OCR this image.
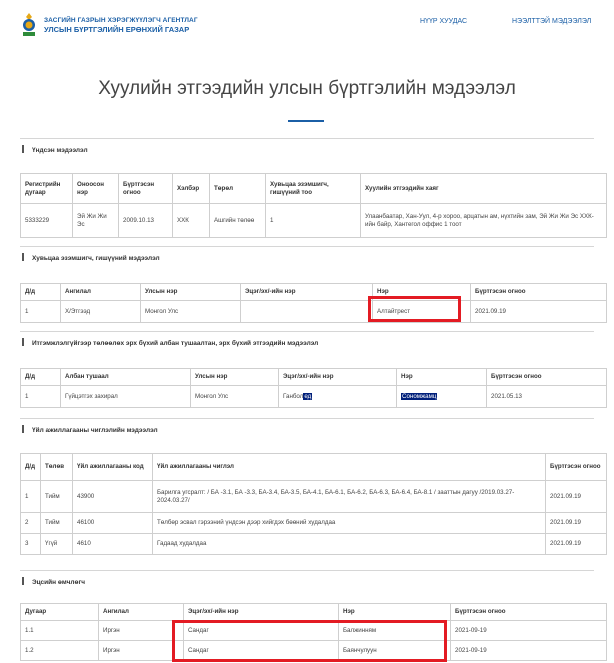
ЗАСГИЙН ГАЗРЫН ХЭРЭГЖҮҮЛЭГЧ АГЕНТЛАГ
УЛСЫН БҮРТГЭЛИЙН ЕРӨНХИЙ ГАЗАР
НҮҮР ХУУДАС	НЭЭЛТТЭЙ МЭДЭЭЛЭЛ
Хуулийн этгээдийн улсын бүртгэлийн мэдээлэл
Үндсэн мэдээлэл
Регистрийн дугаар	Оноосон нэр	Бүртгэсэн огноо	Хэлбэр	Төрөл	Хувьцаа эзэмшигч, гишүүний тоо	Хуулийн этгээдийн хаяг
5333229	Эй Жи Жи Эс	2009.10.13	ХХК	Ашгийн төлөө	1	Улаанбаатар, Хан-Уул, 4-р хороо, арцатын ам, нүхтийн зам, Эй Жи Жи Эс ХХК-ийн байр, Хантегол оффис 1 тоот
Хувьцаа эзэмшигч, гишүүний мэдээлэл
Д/д	Ангилал	Улсын нэр	Эцэг/эх/-ийн нэр	Нэр	Бүртгэсэн огноо
1	Х/Этгээд	Монгол Улс		Алтайтрест	2021.09.19
Итгэмжлэлгүйгээр төлөөлөх эрх бүхий албан тушаалтан, эрх бүхий этгээдийн мэдээлэл
Д/д	Албан тушаал	Улсын нэр	Эцэг/эх/-ийн нэр	Нэр	Бүртгэсэн огноо
1	Гүйцэтгэх захирал	Монгол Улс	Ганболед	Сономжамц	2021.05.13
Үйл ажиллагааны чиглэлийн мэдээлэл
Д/д	Төлөв	Үйл ажиллагааны код	Үйл ажиллагааны чиглэл	Бүртгэсэн огноо
1	Тийм	43900	Барилга угсралт: / БА -3.1, БА -3.3, БА-3.4, БА-3.5, БА-4.1, БА-6.1, БА-6.2, БА-6.3, БА-6.4, БА-8.1 / зааттын дагуу /2019.03.27- 2024.03.27/	2021.09.19
2	Тийм	46100	Төлбөр эсвал гэрээний үндсэн дээр хийгдэх бөөний худалдаа	2021.09.19
3	Үгүй	4610	Гадаад худалдаа	2021.09.19
Эцсийн өмчлөгч
Дугаар	Ангилал	Эцэг/эх/-ийн нэр	Нэр	Бүртгэсэн огноо
1.1	Иргэн	Сандаг	Балжинням	2021-09-19
1.2	Иргэн	Сандаг	Баянчулуун	2021-09-19
